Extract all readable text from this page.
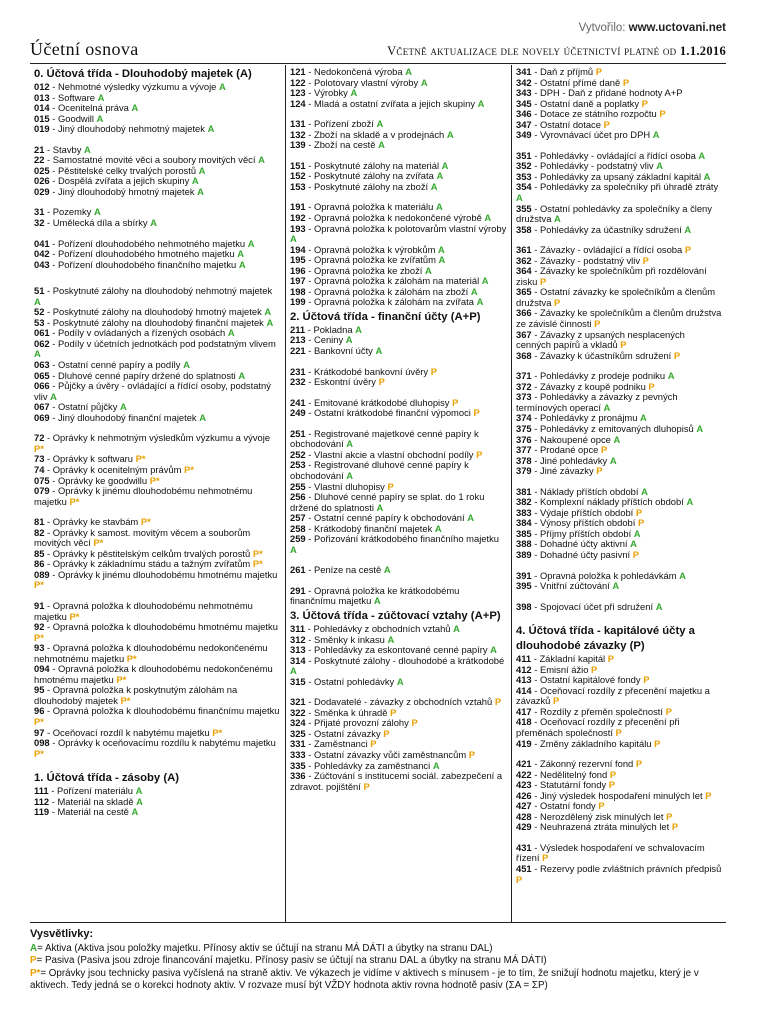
Vytvořilo: www.uctovani.net
Účetní osnova	Včetně aktualizace dle novely účetnictví platné od 1.1.2016
0. Účtová třída - Dlouhodobý majetek (A)
012 - Nehmotné výsledky výzkumu a vývoje A
013 - Software A
014 - Ocenitelná práva A
015 - Goodwill A
019 - Jiný dlouhodobý nehmotný majetek A
21 - Stavby A
22 - Samostatné movité věci a soubory movitých věcí A
025 - Pěstitelské celky trvalých porostů A
026 - Dospělá zvířata a jejich skupiny A
029 - Jiný dlouhodobý hmotný majetek A
31 - Pozemky A
32 - Umělecká díla a sbírky A
041 - Pořízení dlouhodobého nehmotného majetku A
042 - Pořízení dlouhodobého hmotného majetku A
043 - Pořízení dlouhodobého finančního majetku A
51 - Poskytnuté zálohy na dlouhodobý nehmotný majetek A
52 - Poskytnuté zálohy na dlouhodobý hmotný majetek A
53 - Poskytnuté zálohy na dlouhodobý finanční majetek A
061 - Podíly v ovládaných a řízených osobách A
062 - Podíly v účetních jednotkách pod podstatným vlivem A
063 - Ostatní cenné papíry a podíly A
065 - Dluhové cenné papíry držené do splatnosti A
066 - Půjčky a úvěry - ovládající a řídící osoby, podstatný vliv A
067 - Ostatní půjčky A
069 - Jiný dlouhodobý finanční majetek A
72 - Oprávky k nehmotným výsledkům výzkumu a vývoje P*
73 - Oprávky k softwaru P*
74 - Oprávky k ocenitelným právům P*
075 - Oprávky ke goodwillu P*
079 - Oprávky k jinému dlouhodobému nehmotnému majetku P*
81 - Oprávky ke stavbám P*
82 - Oprávky k samost. movitým věcem a souborům movitých věcí P*
85 - Oprávky k pěstitelským celkům trvalých porostů P*
86 - Oprávky k základnímu stádu a tažným zvířatům P*
089 - Oprávky k jinému dlouhodobému hmotnému majetku P*
91 - Opravná položka k dlouhodobému nehmotnému majetku P*
92 - Opravná položka k dlouhodobému hmotnému majetku P*
93 - Opravná položka k dlouhodobému nedokončenému nehmotnému majetku P*
094 - Opravná položka k dlouhodobému nedokončenému hmotnému majetku P*
95 - Opravná položka k poskytnutým zálohám na dlouhodobý majetek P*
96 - Opravná položka k dlouhodobému finančnímu majetku P*
97 - Oceňovací rozdíl k nabytému majetku P*
098 - Oprávky k oceňovacímu rozdílu k nabytému majetku P*
1. Účtová třída - zásoby (A)
111 - Pořízení materiálu A
112 - Materiál na skladě A
119 - Materiál na cestě A
121 - Nedokončená výroba A
122 - Polotovary vlastní výroby A
123 - Výrobky A
124 - Mladá a ostatní zvířata a jejich skupiny A
131 - Pořízení zboží A
132 - Zboží na skladě a v prodejnách A
139 - Zboží na cestě A
151 - Poskytnuté zálohy na materiál A
152 - Poskytnuté zálohy na zvířata A
153 - Poskytnuté zálohy na zboží A
191 - Opravná položka k materiálu A
192 - Opravná položka k nedokončené výrobě A
193 - Opravná položka k polotovarům vlastní výroby A
194 - Opravná položka k výrobkům A
195 - Opravná položka ke zvířatům A
196 - Opravná položka ke zboží A
197 - Opravná položka k zálohám na materiál A
198 - Opravná položka k zálohám na zboží A
199 - Opravná položka k zálohám na zvířata A
2. Účtová třída - finanční účty (A+P)
211 - Pokladna A
213 - Ceniny A
221 - Bankovní účty A
231 - Krátkodobé bankovní úvěry P
232 - Eskontní úvěry P
241 - Emitované krátkodobé dluhopisy P
249 - Ostatní krátkodobé finanční výpomoci P
251 - Registrované majetkové cenné papíry k obchodování A
252 - Vlastní akcie a vlastní obchodní podíly P
253 - Registrované dluhové cenné papíry k obchodování A
255 - Vlastní dluhopisy P
256 - Dluhové cenné papíry se splat. do 1 roku držené do splatnosti A
257 - Ostatní cenné papíry k obchodování A
258 - Krátkodobý finanční majetek A
259 - Pořizování krátkodobého finančního majetku A
261 - Peníze na cestě A
291 - Opravná položka ke krátkodobému finančnímu majetku A
3. Účtová třída - zúčtovací vztahy (A+P)
311 - Pohledávky z obchodních vztahů A
312 - Směnky k inkasu A
313 - Pohledávky za eskontované cenné papíry A
314 - Poskytnuté zálohy - dlouhodobé a krátkodobé A
315 - Ostatní pohledávky A
321 - Dodavatelé - závazky z obchodních vztahů P
322 - Směnka k úhradě P
324 - Přijaté provozní zálohy P
325 - Ostatní závazky P
331 - Zaměstnanci P
333 - Ostatní závazky vůči zaměstnancům P
335 - Pohledávky za zaměstnanci A
336 - Zúčtování s institucemi sociál. zabezpečení a zdravot. pojištění P
341 - Daň z příjmů P
342 - Ostatní přímé daně P
343 - DPH - Daň z přidané hodnoty A+P
345 - Ostatní daně a poplatky P
346 - Dotace ze státního rozpočtu P
347 - Ostatní dotace P
349 - Vyrovnávací účet pro DPH A
351 - Pohledávky - ovládající a řídící osoba A
352 - Pohledávky - podstatný vliv A
353 - Pohledávky za upsaný základní kapitál A
354 - Pohledávky za společníky při úhradě ztráty A
355 - Ostatní pohledávky za společníky a členy družstva A
358 - Pohledávky za účastníky sdružení A
361 - Závazky - ovládající a řídící osoba P
362 - Závazky - podstatný vliv P
364 - Závazky ke společníkům při rozdělování zisku P
365 - Ostatní závazky ke společníkům a členům družstva P
366 - Závazky ke společníkům a členům družstva ze závislé činnosti P
367 - Závazky z upsaných nesplacených cenných papírů a vkladů P
368 - Závazky k účastníkům sdružení P
371 - Pohledávky z prodeje podniku A
372 - Závazky z koupě podniku P
373 - Pohledávky a závazky z pevných termínových operací A
374 - Pohledávky z pronájmu A
375 - Pohledávky z emitovaných dluhopisů A
376 - Nakoupené opce A
377 - Prodané opce P
378 - Jiné pohledávky A
379 - Jiné závazky P
381 - Náklady příštích období A
382 - Komplexní náklady příštích období A
383 - Výdaje příštích období P
384 - Výnosy příštích období P
385 - Příjmy příštích období A
388 - Dohadné účty aktivní A
389 - Dohadné účty pasivní P
391 - Opravná položka k pohledávkám A
395 - Vnitřní zúčtování A
398 - Spojovací účet při sdružení A
4. Účtová třída - kapitálové účty a dlouhodobé závazky (P)
411 - Základní kapitál P
412 - Emisní ážio P
413 - Ostatní kapitálové fondy P
414 - Oceňovací rozdíly z přecenění majetku a závazků P
417 - Rozdíly z přeměn společností P
418 - Oceňovací rozdíly z přecenění při přeměnách společností P
419 - Změny základního kapitálu P
421 - Zákonný rezervní fond P
422 - Nedělitelný fond P
423 - Statutární fondy P
426 - Jiný výsledek hospodaření minulých let P
427 - Ostatní fondy P
428 - Nerozdělený zisk minulých let P
429 - Neuhrazená ztráta minulých let P
431 - Výsledek hospodaření ve schvalovacím řízení P
451 - Rezervy podle zvláštních právních předpisů P
Vysvětlivky:
A= Aktiva (Aktiva jsou položky majetku. Přínosy aktiv se účtují na stranu MÁ DÁTI a úbytky na stranu DAL)
P= Pasiva (Pasiva jsou zdroje financování majetku. Přínosy pasiv se účtují na stranu DAL a úbytky na stranu MÁ DÁTI)
P*= Oprávky jsou technicky pasiva vyčíslená na straně aktiv. Ve výkazech je vidíme v aktivech s mínusem - je to tím, že snižují hodnotu majetku, který je v aktivech. Tedy jedná se o korekci hodnoty aktiv. V rozvaze musí být VŽDY hodnota aktiv rovna hodnotě pasiv (ΣA = ΣP)
